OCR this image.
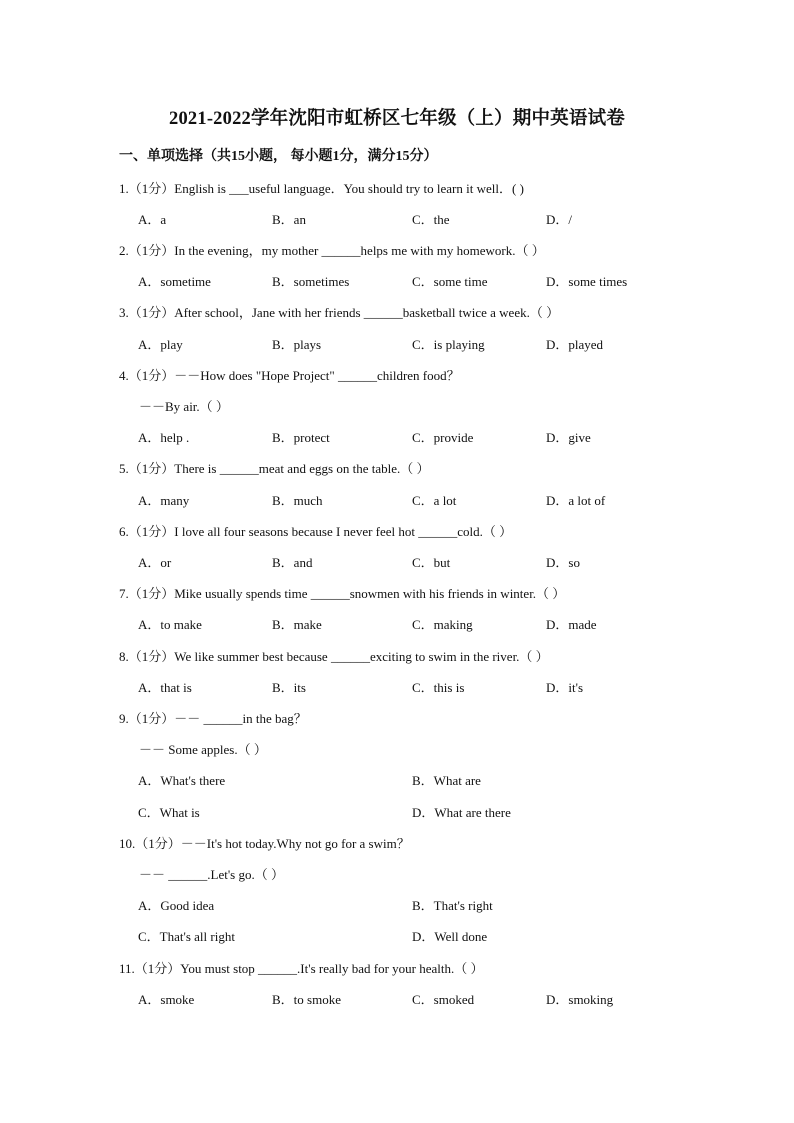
2021-2022学年沈阳市虹桥区七年级（上）期中英语试卷
一、单项选择（共15小题， 每小题1分，满分15分）
1.（1分）English is ___useful language．You should try to learn it well．( )
A．a	B．an	C．the	D．/
2.（1分）In the evening，my mother ______helps me with my homework.（ ）
A．sometime	B．sometimes	C．some time	D．some times
3.（1分）After school，Jane with her friends ______basketball twice a week.（ ）
A．play	B．plays	C．is playing	D．played
4.（1分）－－How does "Hope Project" ______children food？
－－By air.（ ）
A．help .	B．protect	C．provide	D．give
5.（1分）There is ______meat and eggs on the table.（ ）
A．many	B．much	C．a lot	D．a lot of
6.（1分）I love all four seasons because I never feel hot ______cold.（ ）
A．or	B．and	C．but	D．so
7.（1分）Mike usually spends time ______snowmen with his friends in winter.（ ）
A．to make	B．make	C．making	D．made
8.（1分）We like summer best because ______exciting to swim in the river.（ ）
A．that is	B．its	C．this is	D．it's
9.（1分）－－ ______in the bag？
－－ Some apples.（ ）
A．What's there	B．What are
C．What is	D．What are there
10.（1分）－－It's hot today.Why not go for a swim？
－－ ______.Let's go.（ ）
A．Good idea	B．That's right
C．That's all right	D．Well done
11.（1分）You must stop ______.It's really bad for your health.（ ）
A．smoke	B．to smoke	C．smoked	D．smoking
